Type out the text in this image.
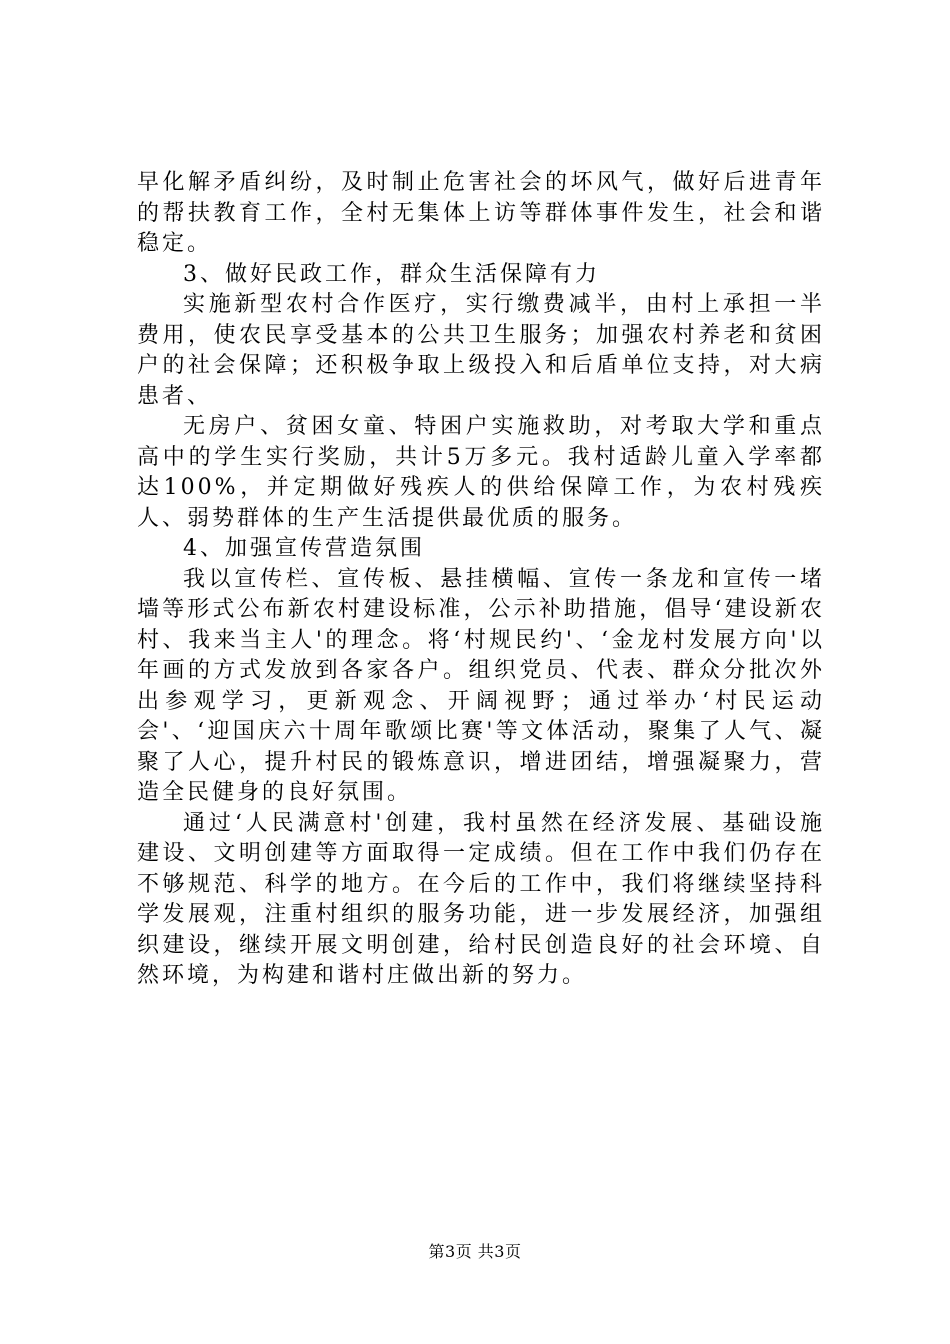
早化解矛盾纠纷，及时制止危害社会的坏风气，做好后进青年的帮扶教育工作，全村无集体上访等群体事件发生，社会和谐稳定。

3、做好民政工作，群众生活保障有力

实施新型农村合作医疗，实行缴费减半，由村上承担一半费用，使农民享受基本的公共卫生服务；加强农村养老和贫困户的社会保障；还积极争取上级投入和后盾单位支持，对大病患者、

无房户、贫困女童、特困户实施救助，对考取大学和重点高中的学生实行奖励，共计5万多元。我村适龄儿童入学率都达100%，并定期做好残疾人的供给保障工作，为农村残疾人、弱势群体的生产生活提供最优质的服务。

4、加强宣传营造氛围

我以宣传栏、宣传板、悬挂横幅、宣传一条龙和宣传一堵墙等形式公布新农村建设标准，公示补助措施，倡导‘建设新农村、我来当主人'的理念。将‘村规民约'、‘金龙村发展方向'以年画的方式发放到各家各户。组织党员、代表、群众分批次外出参观学习，更新观念、开阔视野；通过举办‘村民运动会'、‘迎国庆六十周年歌颂比赛'等文体活动，聚集了人气、凝聚了人心，提升村民的锻炼意识，增进团结，增强凝聚力，营造全民健身的良好氛围。

通过‘人民满意村'创建，我村虽然在经济发展、基础设施建设、文明创建等方面取得一定成绩。但在工作中我们仍存在不够规范、科学的地方。在今后的工作中，我们将继续坚持科学发展观，注重村组织的服务功能，进一步发展经济，加强组织建设，继续开展文明创建，给村民创造良好的社会环境、自然环境，为构建和谐村庄做出新的努力。

第3页 共3页
